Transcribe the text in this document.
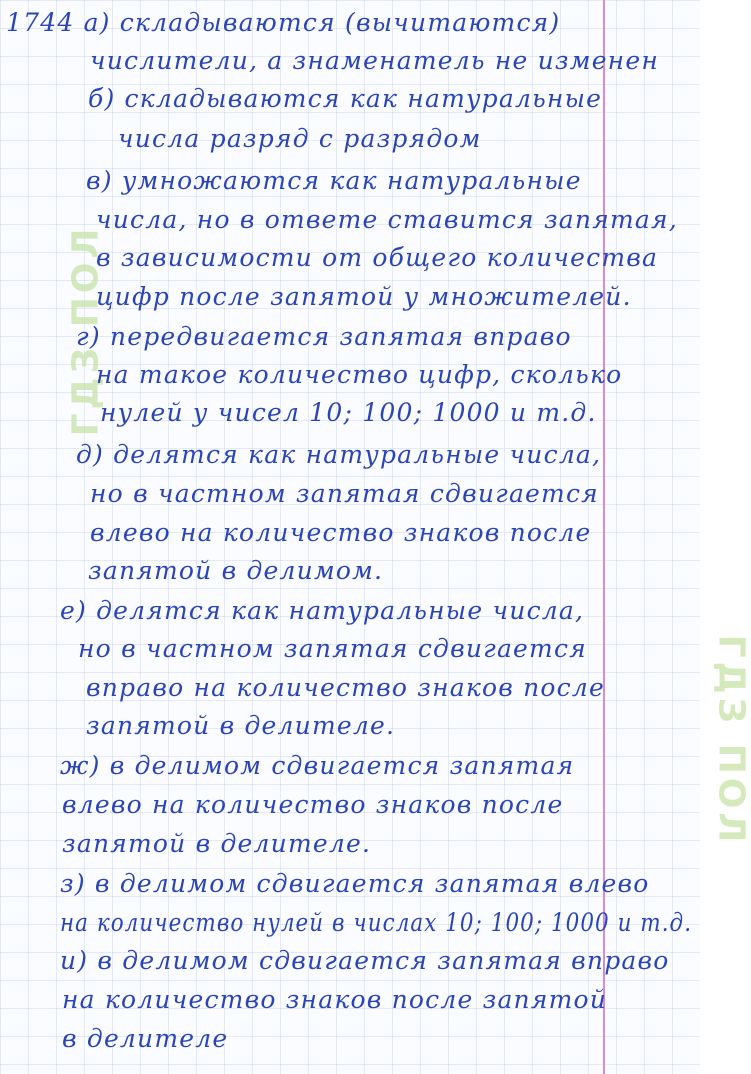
ГДЗ ПОЛ
ГДЗ ПОЛ
1744 а) складываются (вычитаются)
числители, а знаменатель не изменен
б) складываются как натуральные
числа разряд с разрядом
в) умножаются как натуральные
числа, но в ответе ставится запятая,
в зависимости от общего количества
цифр после запятой у множителей.
г) передвигается запятая вправо
на такое количество цифр, сколько
нулей у чисел 10; 100; 1000 и т.д.
д) делятся как натуральные числа,
но в частном запятая сдвигается
влево на количество знаков после
запятой в делимом.
е) делятся как натуральные числа,
но в частном запятая сдвигается
вправо на количество знаков после
запятой в делителе.
ж) в делимом сдвигается запятая
влево на количество знаков после
запятой в делителе.
з) в делимом сдвигается запятая влево
на количество нулей в числах 10; 100; 1000 и т.д.
и) в делимом сдвигается запятая вправо
на количество знаков после запятой
в делителе
